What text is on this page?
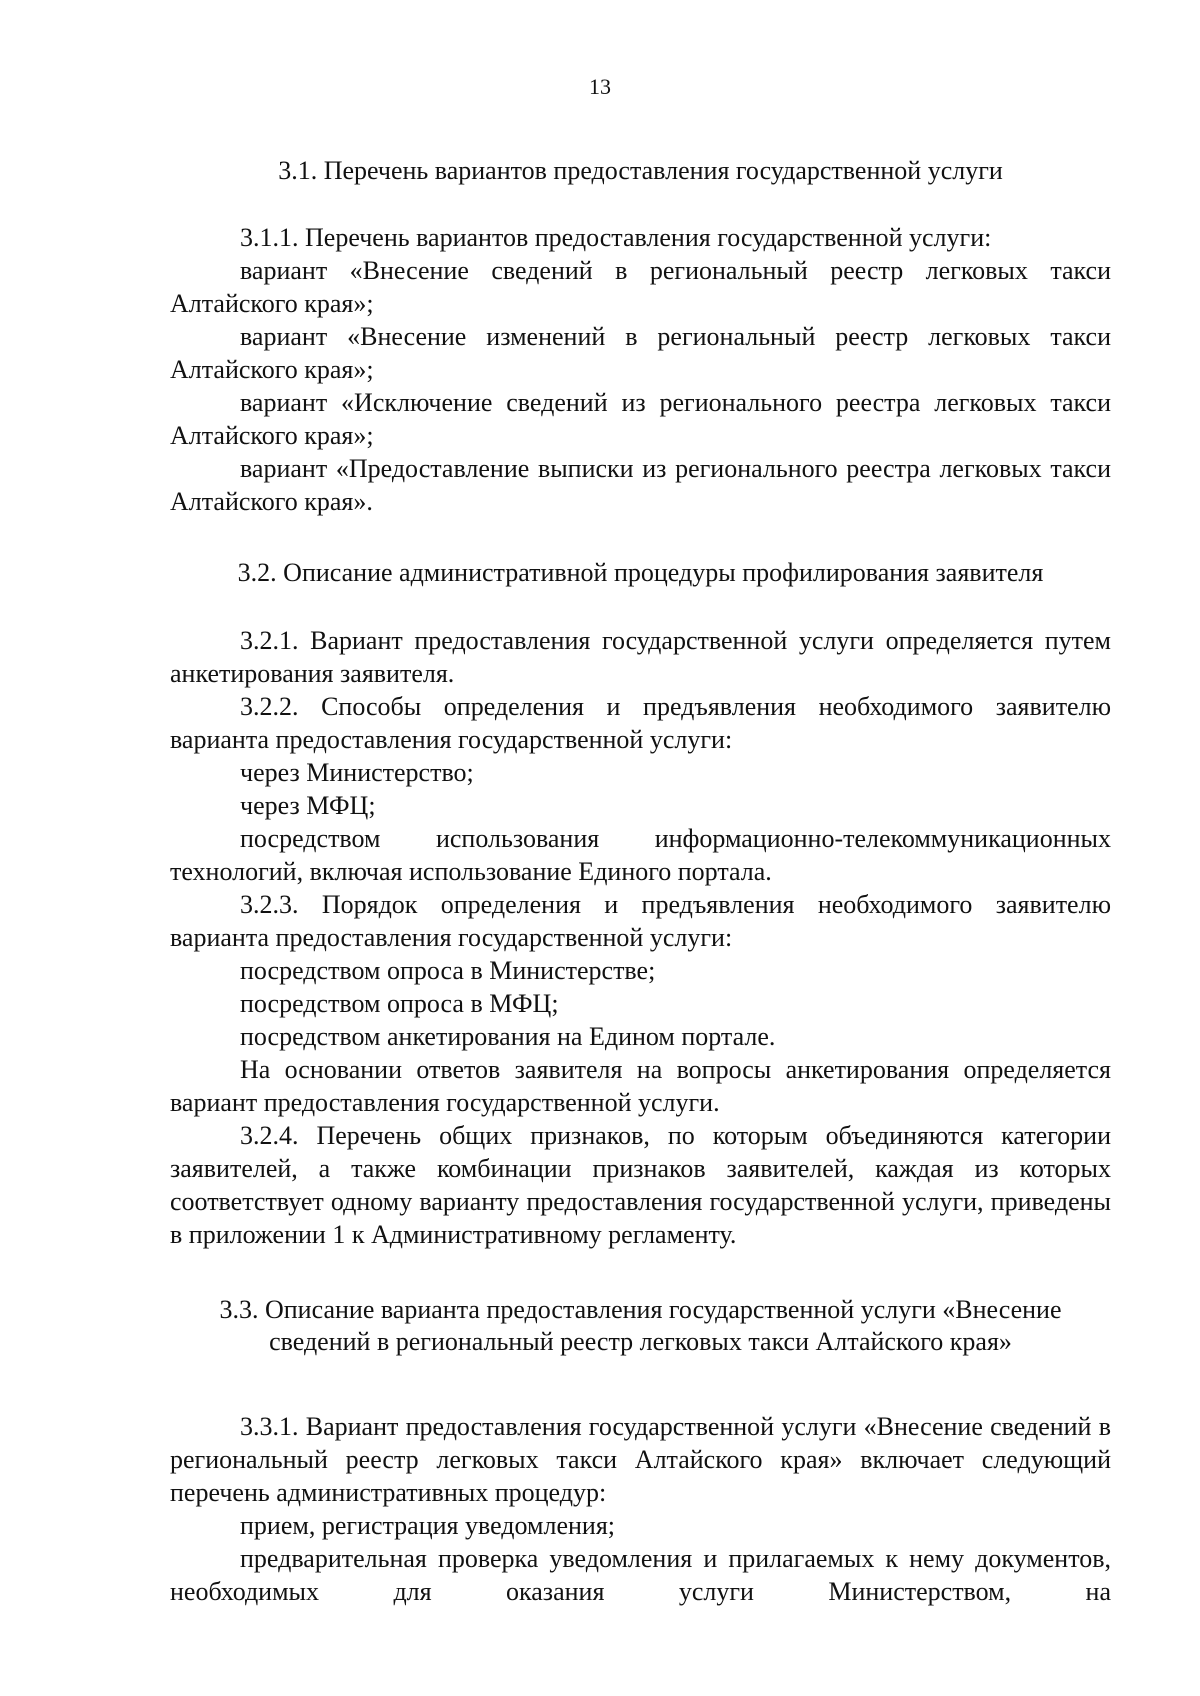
13

3.1. Перечень вариантов предоставления государственной услуги

3.1.1. Перечень вариантов предоставления государственной услуги:

вариант «Внесение сведений в региональный реестр легковых такси Алтайского края»;

вариант «Внесение изменений в региональный реестр легковых такси Алтайского края»;

вариант «Исключение сведений из регионального реестра легковых такси Алтайского края»;

вариант «Предоставление выписки из регионального реестра легковых такси Алтайского края».

3.2. Описание административной процедуры профилирования заявителя

3.2.1. Вариант предоставления государственной услуги определяется путем анкетирования заявителя.

3.2.2. Способы определения и предъявления необходимого заявителю варианта предоставления государственной услуги:

через Министерство;

через МФЦ;

посредством использования информационно-телекоммуникационных технологий, включая использование Единого портала.

3.2.3. Порядок определения и предъявления необходимого заявителю варианта предоставления государственной услуги:

посредством опроса в Министерстве;

посредством опроса в МФЦ;

посредством анкетирования на Едином портале.

На основании ответов заявителя на вопросы анкетирования определяется вариант предоставления государственной услуги.

3.2.4. Перечень общих признаков, по которым объединяются категории заявителей, а также комбинации признаков заявителей, каждая из которых соответствует одному варианту предоставления государственной услуги, приведены в приложении 1 к Административному регламенту.

3.3. Описание варианта предоставления государственной услуги «Внесение
сведений в региональный реестр легковых такси Алтайского края»

3.3.1. Вариант предоставления государственной услуги «Внесение сведений в региональный реестр легковых такси Алтайского края» включает следующий перечень административных процедур:

прием, регистрация уведомления;

предварительная проверка уведомления и прилагаемых к нему документов, необходимых для оказания услуги Министерством, на
